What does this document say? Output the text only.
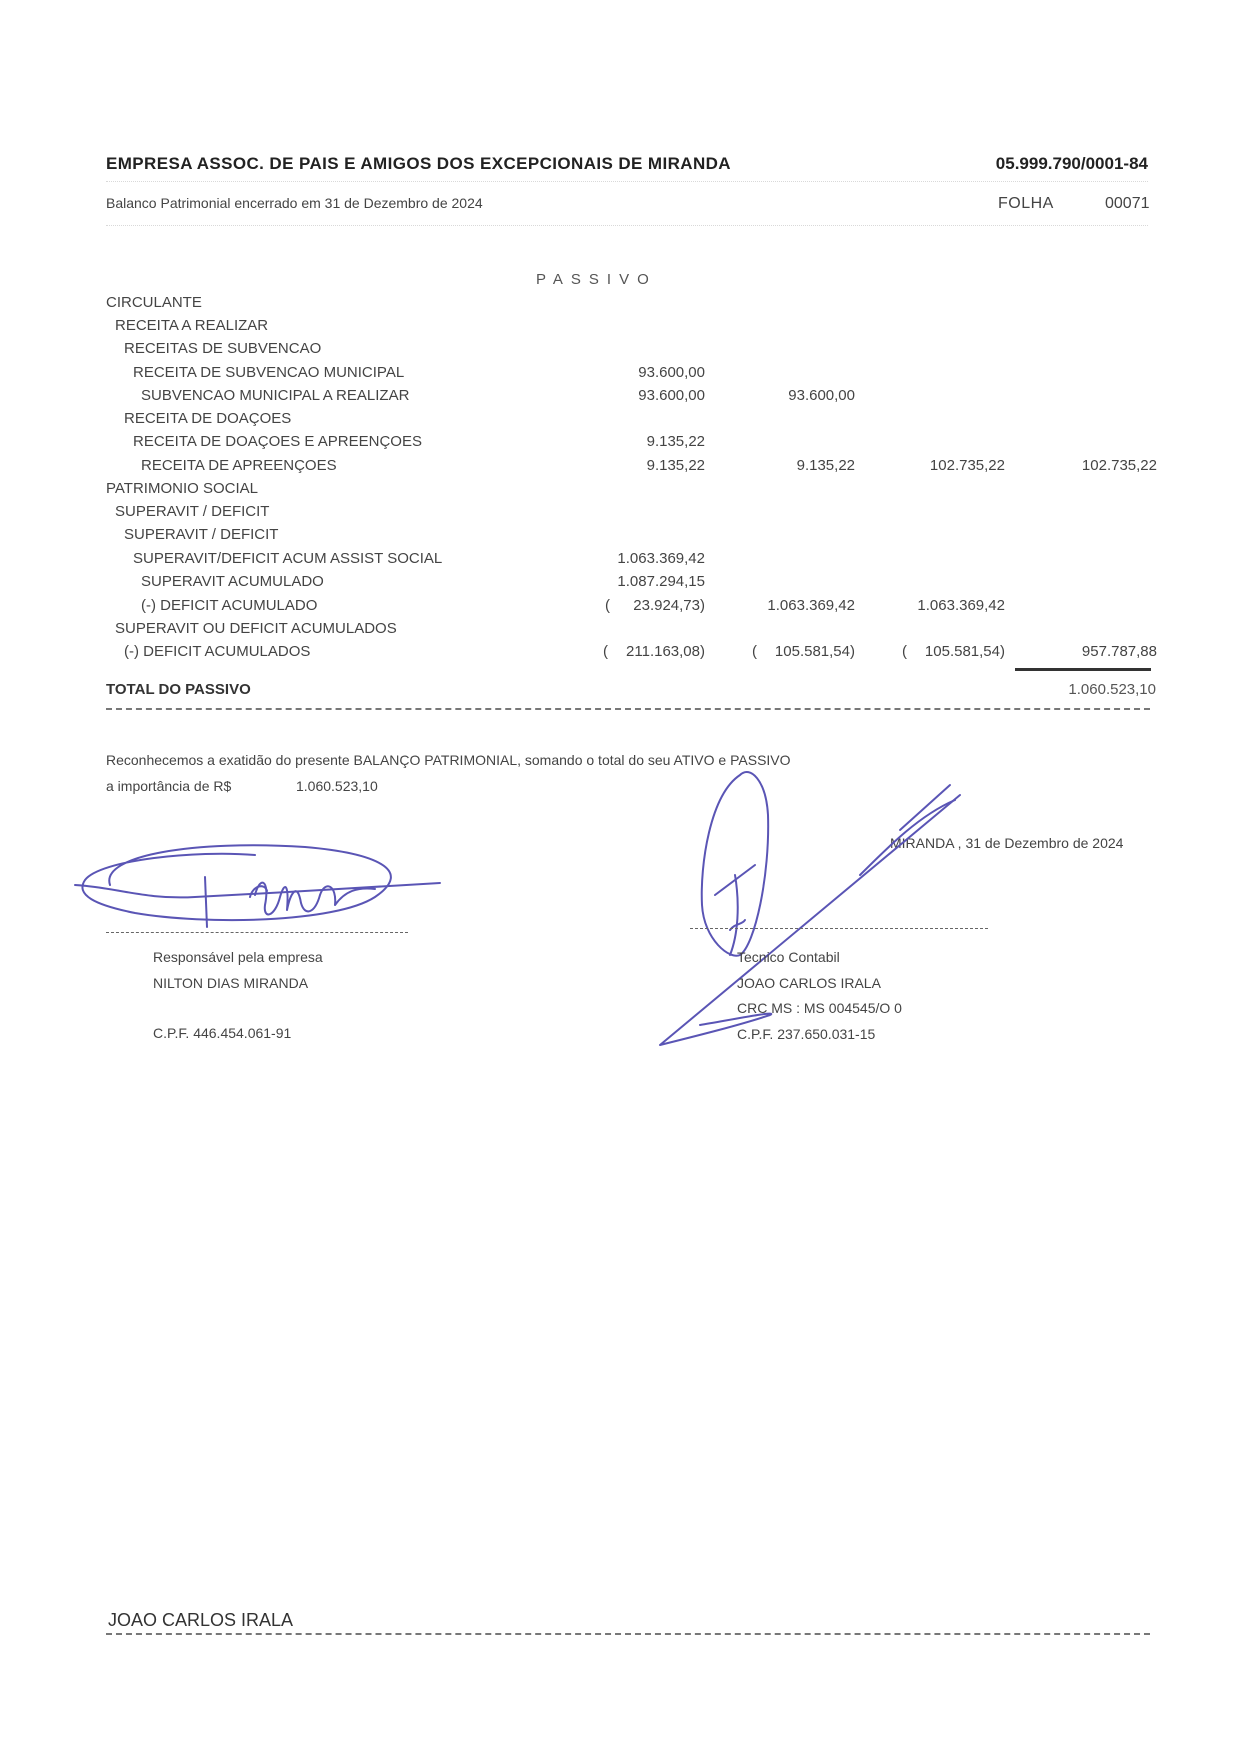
EMPRESA ASSOC. DE PAIS E AMIGOS DOS EXCEPCIONAIS DE MIRANDA	05.999.790/0001-84
Balanco Patrimonial encerrado em 31 de Dezembro de 2024	FOLHA	00071
PASSIVO
CIRCULANTE
RECEITA A REALIZAR
RECEITAS DE SUBVENCAO
RECEITA DE SUBVENCAO MUNICIPAL	93.600,00
SUBVENCAO MUNICIPAL A REALIZAR	93.600,00	93.600,00
RECEITA DE DOAÇOES
RECEITA DE DOAÇOES E APREENÇOES	9.135,22
RECEITA DE APREENÇOES	9.135,22	9.135,22	102.735,22	102.735,22
PATRIMONIO SOCIAL
SUPERAVIT / DEFICIT
SUPERAVIT / DEFICIT
SUPERAVIT/DEFICIT ACUM ASSIST SOCIAL	1.063.369,42
SUPERAVIT ACUMULADO	1.087.294,15
(-) DEFICIT ACUMULADO	( 23.924,73)	1.063.369,42	1.063.369,42
SUPERAVIT OU DEFICIT ACUMULADOS
(-) DEFICIT ACUMULADOS	( 211.163,08)	( 105.581,54)	( 105.581,54)	957.787,88
TOTAL DO PASSIVO	1.060.523,10
Reconhecemos a exatidão do presente BALANÇO PATRIMONIAL, somando o total do seu ATIVO e PASSIVO
a importância de R$	1.060.523,10
MIRANDA , 31 de Dezembro de 2024
Responsável pela empresa
NILTON DIAS MIRANDA
C.P.F. 446.454.061-91
Tecnico Contabil
JOAO CARLOS IRALA
CRC MS : MS 004545/O 0
C.P.F. 237.650.031-15
JOAO CARLOS IRALA
